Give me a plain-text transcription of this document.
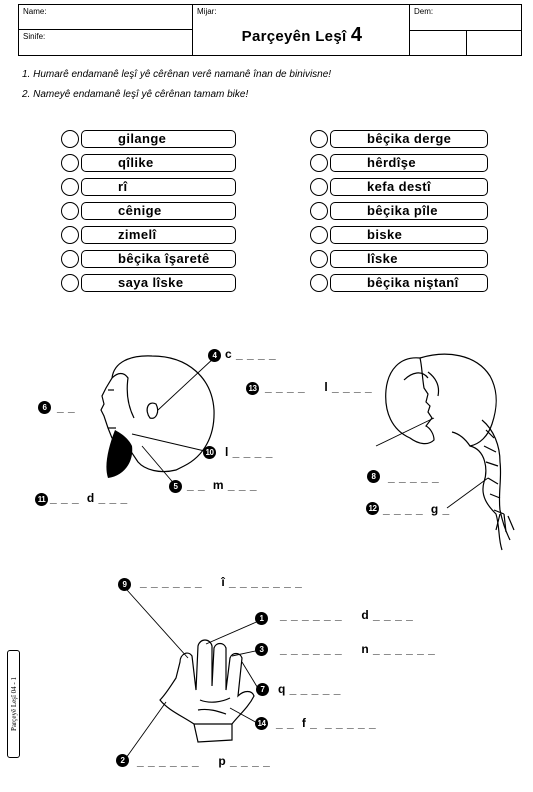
Name:
Sinife:
Mijar:	Dem:
Parçeyên Leşî 4
1. Humarê endamanê leşî yê cêrênan verê namanê înan de binivisne!
2. Nameyê endamanê leşî yê cêrênan tamam bike!
gilange
qîlike
rî
cênige
zimelî
bêçika îşaretê
saya lîske
bêçika derge
hêrdîşe
kefa destî
bêçika pîle
biske
lîske
bêçika niştanî
4 c _ _ _ _
6 _ _
10 l _ _ _ _
5 _ _  m _ _ _
11 _ _ _  d _ _ _
13 _ _ _ _     l _ _ _ _
8	_ _ _ _ _
12 _ _ _ _  g _
9	_ _ _ _ _ _     î _ _ _ _ _ _ _
1	_ _ _ _ _ _     d _ _ _ _
3	_ _ _ _ _ _     n _ _ _ _ _ _
7	q _ _ _ _ _
14 _ _  f _  _ _ _ _ _
2	_ _ _ _ _ _     p _ _ _ _
Parçeyê Leşî 04 - 1
